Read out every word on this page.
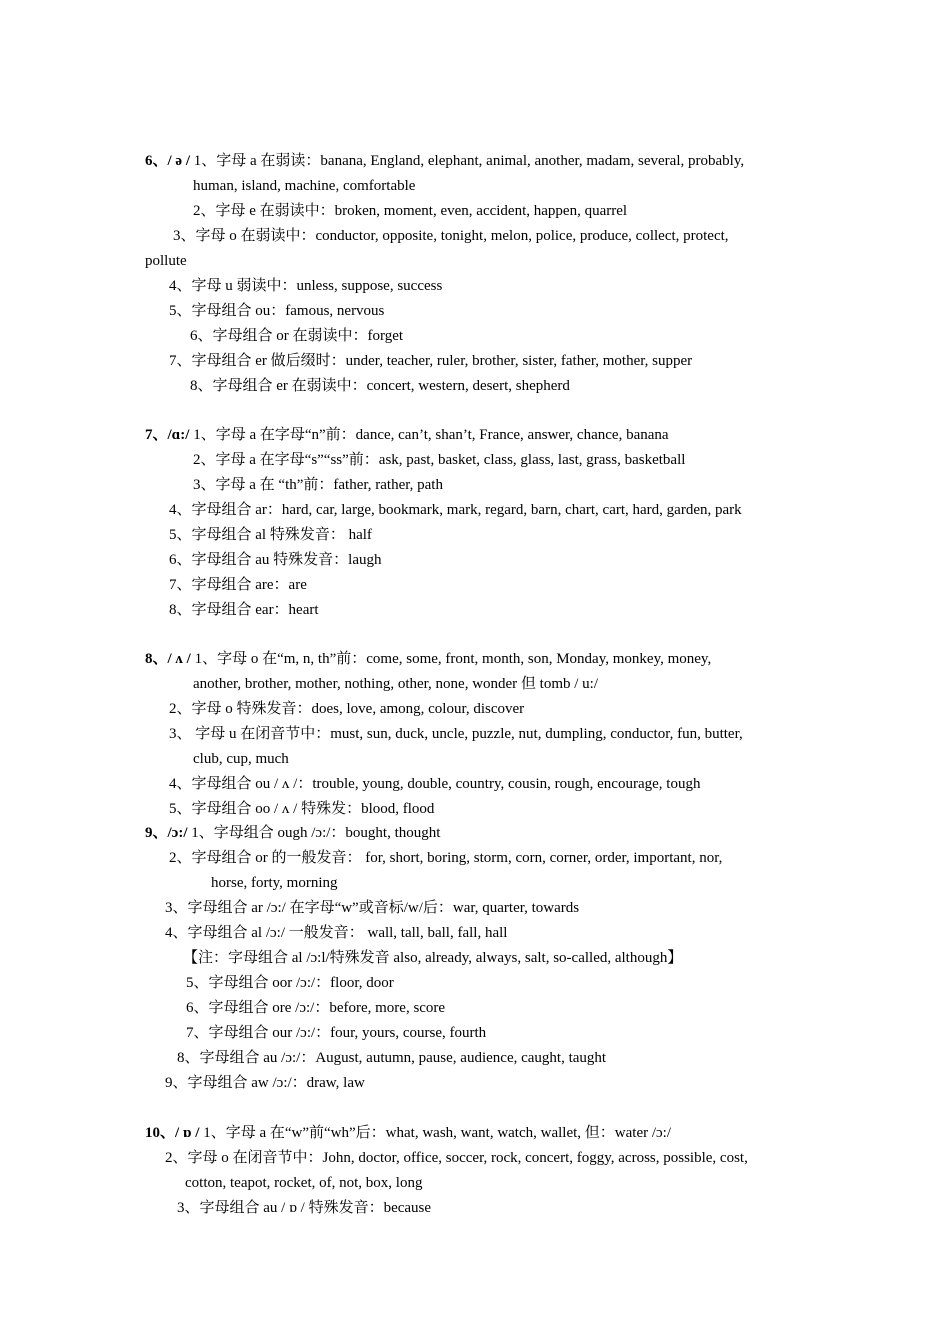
6、/ ə / 1、字母 a 在弱读：banana, England, elephant, animal, another, madam, several, probably,
human, island, machine, comfortable
2、字母 e 在弱读中：broken, moment, even, accident, happen, quarrel
3、字母 o 在弱读中：conductor, opposite, tonight, melon, police, produce, collect, protect,
pollute
4、字母 u 弱读中：unless, suppose, success
5、字母组合 ou：famous, nervous
6、字母组合 or 在弱读中：forget
7、字母组合 er 做后缀时：under, teacher, ruler, brother, sister, father, mother, supper
8、字母组合 er 在弱读中：concert, western, desert, shepherd
7、/ɑ:/ 1、字母 a 在字母“n”前：dance, can’t, shan’t, France, answer, chance, banana
2、字母 a 在字母“s”“ss”前：ask, past, basket, class, glass, last, grass, basketball
3、字母 a 在 “th”前：father, rather, path
4、字母组合 ar：hard, car, large, bookmark, mark, regard, barn, chart, cart, hard, garden, park
5、字母组合 al 特殊发音： half
6、字母组合 au 特殊发音：laugh
7、字母组合 are：are
8、字母组合 ear：heart
8、/ ʌ / 1、字母 o 在“m, n, th”前：come, some, front, month, son, Monday, monkey, money,
another, brother, mother, nothing, other, none, wonder 但 tomb / u:/
2、字母 o 特殊发音：does, love, among, colour, discover
3、 字母 u 在闭音节中：must, sun, duck, uncle, puzzle, nut, dumpling, conductor, fun, butter,
club, cup, much
4、字母组合 ou / ʌ /：trouble, young, double, country, cousin, rough, encourage, tough
5、字母组合 oo / ʌ / 特殊发：blood, flood
9、/ɔ:/ 1、字母组合 ough /ɔ:/：bought, thought
2、字母组合 or 的一般发音： for, short, boring, storm, corn, corner, order, important, nor,
horse, forty, morning
3、字母组合 ar /ɔ:/ 在字母“w”或音标/w/后：war, quarter, towards
4、字母组合 al /ɔ:/ 一般发音： wall, tall, ball, fall, hall
【注：字母组合 al /ɔ:l/特殊发音 also, already, always, salt, so-called, although】
5、字母组合 oor /ɔ:/：floor, door
6、字母组合 ore /ɔ:/：before, more, score
7、字母组合 our /ɔ:/：four, yours, course, fourth
8、字母组合 au /ɔ:/：August, autumn, pause, audience, caught, taught
9、字母组合 aw /ɔ:/：draw, law
10、/ ɒ / 1、字母 a 在“w”前“wh”后：what, wash, want, watch, wallet, 但：water /ɔ:/
2、字母 o 在闭音节中：John, doctor, office, soccer, rock, concert, foggy, across, possible, cost,
cotton, teapot, rocket, of, not, box, long
3、字母组合 au / ɒ / 特殊发音：because
